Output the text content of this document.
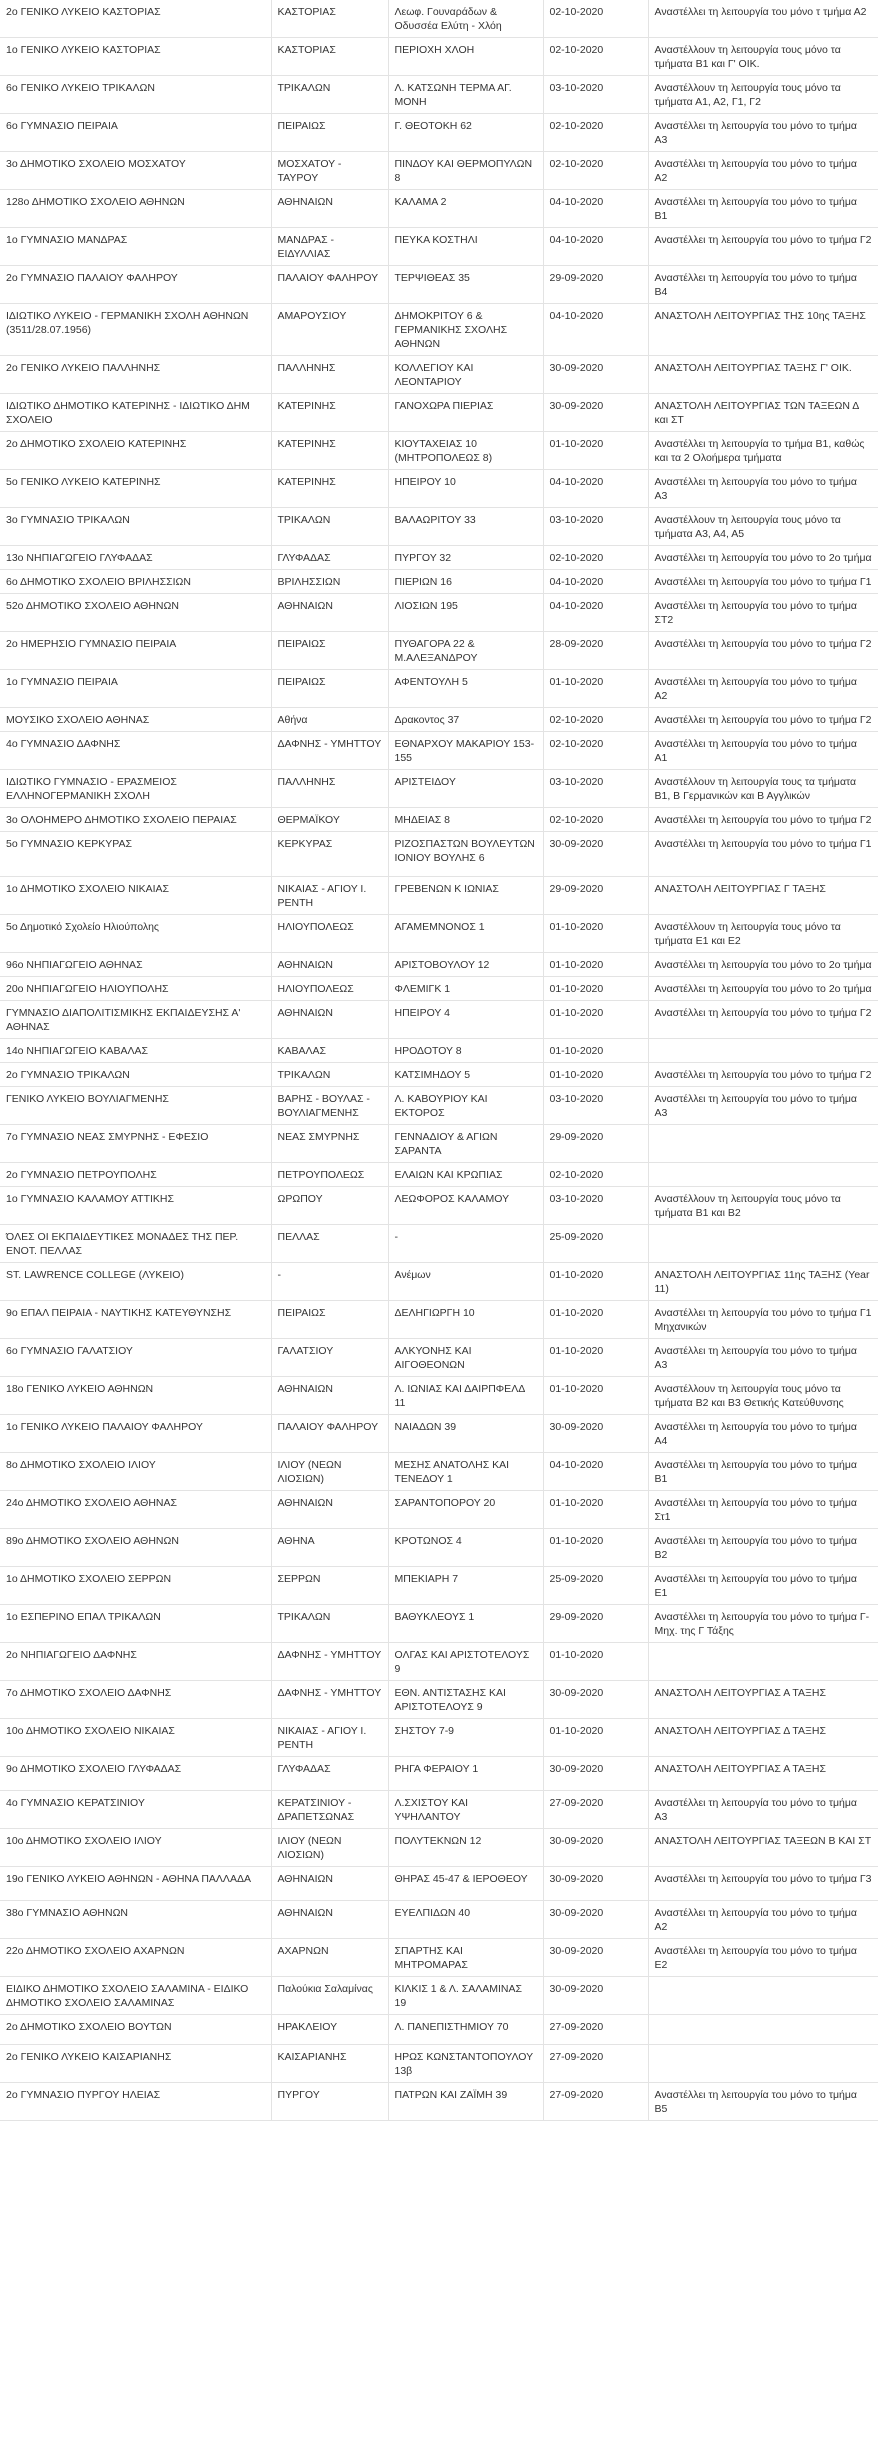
2ο ΓΕΝΙΚΟ ΛΥΚΕΙΟ ΚΑΣΤΟΡΙΑΣ	ΚΑΣΤΟΡΙΑΣ	Λεωφ. Γουναράδων & Οδυσσέα Ελύτη - Χλόη	02-10-2020	Αναστέλλει τη λειτουργία του μόνο τ τμήμα Α2
1ο ΓΕΝΙΚΟ ΛΥΚΕΙΟ ΚΑΣΤΟΡΙΑΣ	ΚΑΣΤΟΡΙΑΣ	ΠΕΡΙΟΧΗ ΧΛΟΗ	02-10-2020	Αναστέλλουν τη λειτουργία τους μόνο τα τμήματα Β1 και Γ' ΟΙΚ.
6ο ΓΕΝΙΚΟ ΛΥΚΕΙΟ ΤΡΙΚΑΛΩΝ	ΤΡΙΚΑΛΩΝ	Λ. ΚΑΤΣΩΝΗ ΤΕΡΜΑ ΑΓ. ΜΟΝΗ	03-10-2020	Αναστέλλουν τη λειτουργία τους μόνο τα τμήματα Α1, Α2, Γ1, Γ2
6ο ΓΥΜΝΑΣΙΟ ΠΕΙΡΑΙΑ	ΠΕΙΡΑΙΩΣ	Γ. ΘΕΟΤΟΚΗ 62	02-10-2020	Αναστέλλει τη λειτουργία του μόνο το τμήμα Α3
3ο ΔΗΜΟΤΙΚΟ ΣΧΟΛΕΙΟ ΜΟΣΧΑΤΟΥ	ΜΟΣΧΑΤΟΥ - ΤΑΥΡΟΥ	ΠΙΝΔΟΥ ΚΑΙ ΘΕΡΜΟΠΥΛΩΝ 8	02-10-2020	Αναστέλλει τη λειτουργία του μόνο το τμήμα Α2
128ο ΔΗΜΟΤΙΚΟ ΣΧΟΛΕΙΟ ΑΘΗΝΩΝ	ΑΘΗΝΑΙΩΝ	ΚΑΛΑΜΑ 2	04-10-2020	Αναστέλλει τη λειτουργία του μόνο το τμήμα Β1
1ο ΓΥΜΝΑΣΙΟ ΜΑΝΔΡΑΣ	ΜΑΝΔΡΑΣ - ΕΙΔΥΛΛΙΑΣ	ΠΕΥΚΑ ΚΟΣΤΗΛΙ	04-10-2020	Αναστέλλει τη λειτουργία του μόνο το τμήμα Γ2
2ο ΓΥΜΝΑΣΙΟ ΠΑΛΑΙΟΥ ΦΑΛΗΡΟΥ	ΠΑΛΑΙΟΥ ΦΑΛΗΡΟΥ	ΤΕΡΨΙΘΕΑΣ 35	29-09-2020	Αναστέλλει τη λειτουργία του μόνο το τμήμα Β4
ΙΔΙΩΤΙΚΟ ΛΥΚΕΙΟ - ΓΕΡΜΑΝΙΚΗ ΣΧΟΛΗ ΑΘΗΝΩΝ (3511/28.07.1956)	ΑΜΑΡΟΥΣΙΟΥ	ΔΗΜΟΚΡΙΤΟΥ 6 & ΓΕΡΜΑΝΙΚΗΣ ΣΧΟΛΗΣ ΑΘΗΝΩΝ	04-10-2020	ΑΝΑΣΤΟΛΗ ΛΕΙΤΟΥΡΓΙΑΣ ΤΗΣ 10ης ΤΑΞΗΣ
2ο ΓΕΝΙΚΟ ΛΥΚΕΙΟ ΠΑΛΛΗΝΗΣ	ΠΑΛΛΗΝΗΣ	ΚΟΛΛΕΓΙΟΥ ΚΑΙ ΛΕΟΝΤΑΡΙΟΥ	30-09-2020	ΑΝΑΣΤΟΛΗ ΛΕΙΤΟΥΡΓΙΑΣ ΤΑΞΗΣ Γ' ΟΙΚ.
ΙΔΙΩΤΙΚΟ ΔΗΜΟΤΙΚΟ ΚΑΤΕΡΙΝΗΣ - ΙΔΙΩΤΙΚΟ ΔΗΜ ΣΧΟΛΕΙΟ	ΚΑΤΕΡΙΝΗΣ	ΓΑΝΟΧΩΡΑ ΠΙΕΡΙΑΣ	30-09-2020	ΑΝΑΣΤΟΛΗ ΛΕΙΤΟΥΡΓΙΑΣ ΤΩΝ ΤΑΞΕΩΝ Δ και ΣΤ
2ο ΔΗΜΟΤΙΚΟ ΣΧΟΛΕΙΟ ΚΑΤΕΡΙΝΗΣ	ΚΑΤΕΡΙΝΗΣ	ΚΙΟΥΤΑΧΕΙΑΣ 10 (ΜΗΤΡΟΠΟΛΕΩΣ 8)	01-10-2020	Αναστέλλει τη λειτουργία το τμήμα Β1, καθώς και τα 2 Ολοήμερα τμήματα
5ο ΓΕΝΙΚΟ ΛΥΚΕΙΟ ΚΑΤΕΡΙΝΗΣ	ΚΑΤΕΡΙΝΗΣ	ΗΠΕΙΡΟΥ 10	04-10-2020	Αναστέλλει τη λειτουργία του μόνο το τμήμα Α3
3ο ΓΥΜΝΑΣΙΟ ΤΡΙΚΑΛΩΝ	ΤΡΙΚΑΛΩΝ	ΒΑΛΑΩΡΙΤΟΥ 33	03-10-2020	Αναστέλλουν τη λειτουργία τους μόνο τα τμήματα Α3, Α4, Α5
13ο ΝΗΠΙΑΓΩΓΕΙΟ ΓΛΥΦΑΔΑΣ	ΓΛΥΦΑΔΑΣ	ΠΥΡΓΟΥ 32	02-10-2020	Αναστέλλει τη λειτουργία του μόνο το 2ο τμήμα
6ο ΔΗΜΟΤΙΚΟ ΣΧΟΛΕΙΟ ΒΡΙΛΗΣΣΙΩΝ	ΒΡΙΛΗΣΣΙΩΝ	ΠΙΕΡΙΩΝ 16	04-10-2020	Αναστέλλει τη λειτουργία του μόνο το τμήμα Γ1
52ο ΔΗΜΟΤΙΚΟ ΣΧΟΛΕΙΟ ΑΘΗΝΩΝ	ΑΘΗΝΑΙΩΝ	ΛΙΟΣΙΩΝ 195	04-10-2020	Αναστέλλει τη λειτουργία του μόνο το τμήμα ΣΤ2
2ο ΗΜΕΡΗΣΙΟ ΓΥΜΝΑΣΙΟ ΠΕΙΡΑΙΑ	ΠΕΙΡΑΙΩΣ	ΠΥΘΑΓΟΡΑ 22 & Μ.ΑΛΕΞΑΝΔΡΟΥ	28-09-2020	Αναστέλλει τη λειτουργία του μόνο το τμήμα Γ2
1ο ΓΥΜΝΑΣΙΟ ΠΕΙΡΑΙΑ	ΠΕΙΡΑΙΩΣ	ΑΦΕΝΤΟΥΛΗ 5	01-10-2020	Αναστέλλει τη λειτουργία του μόνο το τμήμα Α2
ΜΟΥΣΙΚΟ ΣΧΟΛΕΙΟ ΑΘΗΝΑΣ	Αθήνα	Δρακοντος 37	02-10-2020	Αναστέλλει τη λειτουργία του μόνο το τμήμα Γ2
4ο ΓΥΜΝΑΣΙΟ ΔΑΦΝΗΣ	ΔΑΦΝΗΣ - ΥΜΗΤΤΟΥ	ΕΘΝΑΡΧΟΥ ΜΑΚΑΡΙΟΥ 153-155	02-10-2020	Αναστέλλει τη λειτουργία του μόνο το τμήμα Α1
ΙΔΙΩΤΙΚΟ ΓΥΜΝΑΣΙΟ - ΕΡΑΣΜΕΙΟΣ ΕΛΛΗΝΟΓΕΡΜΑΝΙΚΗ ΣΧΟΛΗ	ΠΑΛΛΗΝΗΣ	ΑΡΙΣΤΕΙΔΟΥ	03-10-2020	Αναστέλλουν τη λειτουργία τους τα τμήματα Β1, Β Γερμανικών και Β Αγγλικών
3ο ΟΛΟΗΜΕΡΟ ΔΗΜΟΤΙΚΟ ΣΧΟΛΕΙΟ ΠΕΡΑΙΑΣ	ΘΕΡΜΑΪΚΟΥ	ΜΗΔΕΙΑΣ 8	02-10-2020	Αναστέλλει τη λειτουργία του μόνο το τμήμα Γ2
5ο ΓΥΜΝΑΣΙΟ ΚΕΡΚΥΡΑΣ	ΚΕΡΚΥΡΑΣ	ΡΙΖΟΣΠΑΣΤΩΝ ΒΟΥΛΕΥΤΩΝ ΙΟΝΙΟΥ ΒΟΥΛΗΣ 6	30-09-2020	Αναστέλλει τη λειτουργία του μόνο το τμήμα Γ1
1ο ΔΗΜΟΤΙΚΟ ΣΧΟΛΕΙΟ ΝΙΚΑΙΑΣ	ΝΙΚΑΙΑΣ - ΑΓΙΟΥ Ι. ΡΕΝΤΗ	ΓΡΕΒΕΝΩΝ Κ ΙΩΝΙΑΣ	29-09-2020	ΑΝΑΣΤΟΛΗ ΛΕΙΤΟΥΡΓΙΑΣ Γ ΤΑΞΗΣ
5ο Δημοτικό Σχολείο Ηλιούπολης	ΗΛΙΟΥΠΟΛΕΩΣ	ΑΓΑΜΕΜΝΟΝΟΣ 1	01-10-2020	Αναστέλλουν τη λειτουργία τους μόνο τα τμήματα Ε1 και Ε2
96ο ΝΗΠΙΑΓΩΓΕΙΟ ΑΘΗΝΑΣ	ΑΘΗΝΑΙΩΝ	ΑΡΙΣΤΟΒΟΥΛΟΥ 12	01-10-2020	Αναστέλλει τη λειτουργία του μόνο το 2ο τμήμα
20ο ΝΗΠΙΑΓΩΓΕΙΟ ΗΛΙΟΥΠΟΛΗΣ	ΗΛΙΟΥΠΟΛΕΩΣ	ΦΛΕΜΙΓΚ 1	01-10-2020	Αναστέλλει τη λειτουργία του μόνο το 2ο τμήμα
ΓΥΜΝΑΣΙΟ ΔΙΑΠΟΛΙΤΙΣΜΙΚΗΣ ΕΚΠΑΙΔΕΥΣΗΣ Α' ΑΘΗΝΑΣ	ΑΘΗΝΑΙΩΝ	ΗΠΕΙΡΟΥ 4	01-10-2020	Αναστέλλει τη λειτουργία του μόνο το τμήμα Γ2
14ο ΝΗΠΙΑΓΩΓΕΙΟ ΚΑΒΑΛΑΣ	ΚΑΒΑΛΑΣ	ΗΡΟΔΟΤΟΥ 8	01-10-2020	
2ο ΓΥΜΝΑΣΙΟ ΤΡΙΚΑΛΩΝ	ΤΡΙΚΑΛΩΝ	ΚΑΤΣΙΜΗΔΟΥ 5	01-10-2020	Αναστέλλει τη λειτουργία του μόνο το τμήμα Γ2
ΓΕΝΙΚΟ ΛΥΚΕΙΟ ΒΟΥΛΙΑΓΜΕΝΗΣ	ΒΑΡΗΣ - ΒΟΥΛΑΣ - ΒΟΥΛΙΑΓΜΕΝΗΣ	Λ. ΚΑΒΟΥΡΙΟΥ ΚΑΙ ΕΚΤΟΡΟΣ	03-10-2020	Αναστέλλει τη λειτουργία του μόνο το τμήμα Α3
7ο ΓΥΜΝΑΣΙΟ ΝΕΑΣ ΣΜΥΡΝΗΣ - ΕΦΕΣΙΟ	ΝΕΑΣ ΣΜΥΡΝΗΣ	ΓΕΝΝΑΔΙΟΥ & ΑΓΙΩΝ ΣΑΡΑΝΤΑ	29-09-2020	
2ο ΓΥΜΝΑΣΙΟ ΠΕΤΡΟΥΠΟΛΗΣ	ΠΕΤΡΟΥΠΟΛΕΩΣ	ΕΛΑΙΩΝ ΚΑΙ ΚΡΩΠΙΑΣ	02-10-2020	
1ο ΓΥΜΝΑΣΙΟ ΚΑΛΑΜΟΥ ΑΤΤΙΚΗΣ	ΩΡΩΠΟΥ	ΛΕΩΦΟΡΟΣ ΚΑΛΑΜΟΥ	03-10-2020	Αναστέλλουν τη λειτουργία τους μόνο τα τμήματα Β1 και Β2
ΌΛΕΣ ΟΙ ΕΚΠΑΙΔΕΥΤΙΚΕΣ ΜΟΝΑΔΕΣ ΤΗΣ ΠΕΡ. ΕΝΟΤ. ΠΕΛΛΑΣ	ΠΕΛΛΑΣ	-	25-09-2020	
ST. LAWRENCE COLLEGE (ΛΥΚΕΙΟ)	-	Ανέμων	01-10-2020	ΑΝΑΣΤΟΛΗ ΛΕΙΤΟΥΡΓΙΑΣ 11ης ΤΑΞΗΣ (Year 11)
9ο ΕΠΑΛ ΠΕΙΡΑΙΑ - ΝΑΥΤΙΚΗΣ ΚΑΤΕΥΘΥΝΣΗΣ	ΠΕΙΡΑΙΩΣ	ΔΕΛΗΓΙΩΡΓΗ 10	01-10-2020	Αναστέλλει τη λειτουργία του μόνο το τμήμα Γ1 Μηχανικών
6ο ΓΥΜΝΑΣΙΟ ΓΑΛΑΤΣΙΟΥ	ΓΑΛΑΤΣΙΟΥ	ΑΛΚΥΟΝΗΣ ΚΑΙ ΑΙΓΟΘΕΟΝΩΝ	01-10-2020	Αναστέλλει τη λειτουργία του μόνο το τμήμα Α3
18ο ΓΕΝΙΚΟ ΛΥΚΕΙΟ ΑΘΗΝΩΝ	ΑΘΗΝΑΙΩΝ	Λ. ΙΩΝΙΑΣ ΚΑΙ ΔΑΙΡΠΦΕΛΔ 11	01-10-2020	Αναστέλλουν τη λειτουργία τους μόνο τα τμήματα Β2 και Β3 Θετικής Κατεύθυνσης
1ο ΓΕΝΙΚΟ ΛΥΚΕΙΟ ΠΑΛΑΙΟΥ ΦΑΛΗΡΟΥ	ΠΑΛΑΙΟΥ ΦΑΛΗΡΟΥ	ΝΑΙΑΔΩΝ 39	30-09-2020	Αναστέλλει τη λειτουργία του μόνο το τμήμα Α4
8ο ΔΗΜΟΤΙΚΟ ΣΧΟΛΕΙΟ ΙΛΙΟΥ	ΙΛΙΟΥ (ΝΕΩΝ ΛΙΟΣΙΩΝ)	ΜΕΣΗΣ ΑΝΑΤΟΛΗΣ ΚΑΙ ΤΕΝΕΔΟΥ 1	04-10-2020	Αναστέλλει τη λειτουργία του μόνο το τμήμα Β1
24ο ΔΗΜΟΤΙΚΟ ΣΧΟΛΕΙΟ ΑΘΗΝΑΣ	ΑΘΗΝΑΙΩΝ	ΣΑΡΑΝΤΟΠΟΡΟΥ 20	01-10-2020	Αναστέλλει τη λειτουργία του μόνο το τμήμα Στ1
89ο ΔΗΜΟΤΙΚΟ ΣΧΟΛΕΙΟ ΑΘΗΝΩΝ	ΑΘΗΝΑ	ΚΡΟΤΩΝΟΣ 4	01-10-2020	Αναστέλλει τη λειτουργία του μόνο το τμήμα Β2
1ο ΔΗΜΟΤΙΚΟ ΣΧΟΛΕΙΟ ΣΕΡΡΩΝ	ΣΕΡΡΩΝ	ΜΠΕΚΙΑΡΗ 7	25-09-2020	Αναστέλλει τη λειτουργία του μόνο το τμήμα Ε1
1ο ΕΣΠΕΡΙΝΟ ΕΠΑΛ ΤΡΙΚΑΛΩΝ	ΤΡΙΚΑΛΩΝ	ΒΑΘΥΚΛΕΟΥΣ 1	29-09-2020	Αναστέλλει τη λειτουργία του μόνο το τμήμα Γ-Μηχ. της Γ Τάξης
2ο ΝΗΠΙΑΓΩΓΕΙΟ ΔΑΦΝΗΣ	ΔΑΦΝΗΣ - ΥΜΗΤΤΟΥ	ΟΛΓΑΣ ΚΑΙ ΑΡΙΣΤΟΤΕΛΟΥΣ 9	01-10-2020	
7ο ΔΗΜΟΤΙΚΟ ΣΧΟΛΕΙΟ ΔΑΦΝΗΣ	ΔΑΦΝΗΣ - ΥΜΗΤΤΟΥ	ΕΘΝ. ΑΝΤΙΣΤΑΣΗΣ ΚΑΙ ΑΡΙΣΤΟΤΕΛΟΥΣ 9	30-09-2020	ΑΝΑΣΤΟΛΗ ΛΕΙΤΟΥΡΓΙΑΣ Α ΤΑΞΗΣ
10ο ΔΗΜΟΤΙΚΟ ΣΧΟΛΕΙΟ ΝΙΚΑΙΑΣ	ΝΙΚΑΙΑΣ - ΑΓΙΟΥ Ι. ΡΕΝΤΗ	ΣΗΣΤΟΥ 7-9	01-10-2020	ΑΝΑΣΤΟΛΗ ΛΕΙΤΟΥΡΓΙΑΣ Δ ΤΑΞΗΣ
9ο ΔΗΜΟΤΙΚΟ ΣΧΟΛΕΙΟ ΓΛΥΦΑΔΑΣ	ΓΛΥΦΑΔΑΣ	ΡΗΓΑ ΦΕΡΑΙΟΥ 1	30-09-2020	ΑΝΑΣΤΟΛΗ ΛΕΙΤΟΥΡΓΙΑΣ Α ΤΑΞΗΣ
4ο ΓΥΜΝΑΣΙΟ ΚΕΡΑΤΣΙΝΙΟΥ	ΚΕΡΑΤΣΙΝΙΟΥ - ΔΡΑΠΕΤΣΩΝΑΣ	Λ.ΣΧΙΣΤΟΥ ΚΑΙ ΥΨΗΛΑΝΤΟΥ	27-09-2020	Αναστέλλει τη λειτουργία του μόνο το τμήμα Α3
10ο ΔΗΜΟΤΙΚΟ ΣΧΟΛΕΙΟ ΙΛΙΟΥ	ΙΛΙΟΥ (ΝΕΩΝ ΛΙΟΣΙΩΝ)	ΠΟΛΥΤΕΚΝΩΝ 12	30-09-2020	ΑΝΑΣΤΟΛΗ ΛΕΙΤΟΥΡΓΙΑΣ ΤΑΞΕΩΝ Β ΚΑΙ ΣΤ
19ο ΓΕΝΙΚΟ ΛΥΚΕΙΟ ΑΘΗΝΩΝ - ΑΘΗΝΑ ΠΑΛΛΑΔΑ	ΑΘΗΝΑΙΩΝ	ΘΗΡΑΣ 45-47 & ΙΕΡΟΘΕΟΥ	30-09-2020	Αναστέλλει τη λειτουργία του μόνο το τμήμα Γ3
38ο ΓΥΜΝΑΣΙΟ ΑΘΗΝΩΝ	ΑΘΗΝΑΙΩΝ	ΕΥΕΛΠΙΔΩΝ 40	30-09-2020	Αναστέλλει τη λειτουργία του μόνο το τμήμα Α2
22ο ΔΗΜΟΤΙΚΟ ΣΧΟΛΕΙΟ ΑΧΑΡΝΩΝ	ΑΧΑΡΝΩΝ	ΣΠΑΡΤΗΣ ΚΑΙ ΜΗΤΡΟΜΑΡΑΣ	30-09-2020	Αναστέλλει τη λειτουργία του μόνο το τμήμα Ε2
ΕΙΔΙΚΟ ΔΗΜΟΤΙΚΟ ΣΧΟΛΕΙΟ ΣΑΛΑΜΙΝΑ - ΕΙΔΙΚΟ ΔΗΜΟΤΙΚΟ ΣΧΟΛΕΙΟ ΣΑΛΑΜΙΝΑΣ	Παλούκια Σαλαμίνας	ΚΙΛΚΙΣ 1 & Λ. ΣΑΛΑΜΙΝΑΣ 19	30-09-2020	
2ο ΔΗΜΟΤΙΚΟ ΣΧΟΛΕΙΟ ΒΟΥΤΩΝ	ΗΡΑΚΛΕΙΟΥ	Λ. ΠΑΝΕΠΙΣΤΗΜΙΟΥ 70	27-09-2020	
2ο ΓΕΝΙΚΟ ΛΥΚΕΙΟ ΚΑΙΣΑΡΙΑΝΗΣ	ΚΑΙΣΑΡΙΑΝΗΣ	ΗΡΩΣ ΚΩΝΣΤΑΝΤΟΠΟΥΛΟΥ 13β	27-09-2020	
2ο ΓΥΜΝΑΣΙΟ ΠΥΡΓΟΥ ΗΛΕΙΑΣ	ΠΥΡΓΟΥ	ΠΑΤΡΩΝ ΚΑΙ ΖΑΪΜΗ 39	27-09-2020	Αναστέλλει τη λειτουργία του μόνο το τμήμα Β5
